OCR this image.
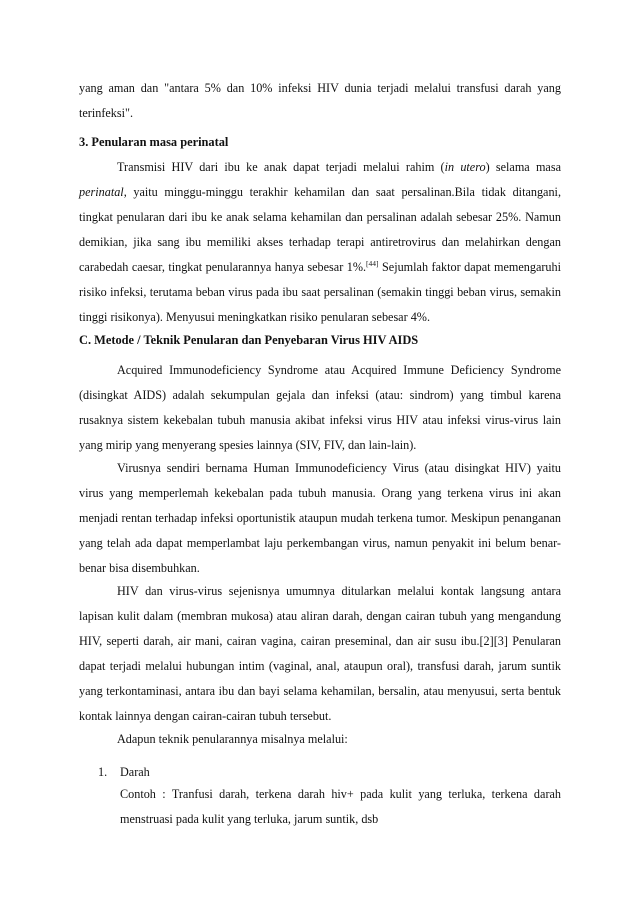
yang aman dan "antara 5% dan 10% infeksi HIV dunia terjadi melalui transfusi darah yang terinfeksi".

3. Penularan masa perinatal

Transmisi HIV dari ibu ke anak dapat terjadi melalui rahim (in utero) selama masa perinatal, yaitu minggu-minggu terakhir kehamilan dan saat persalinan.Bila tidak ditangani, tingkat penularan dari ibu ke anak selama kehamilan dan persalinan adalah sebesar 25%. Namun demikian, jika sang ibu memiliki akses terhadap terapi antiretrovirus dan melahirkan dengan carabedah caesar, tingkat penularannya hanya sebesar 1%.[44] Sejumlah faktor dapat memengaruhi risiko infeksi, terutama beban virus pada ibu saat persalinan (semakin tinggi beban virus, semakin tinggi risikonya). Menyusui meningkatkan risiko penularan sebesar 4%.

C. Metode / Teknik Penularan dan Penyebaran Virus HIV AIDS

Acquired Immunodeficiency Syndrome atau Acquired Immune Deficiency Syndrome (disingkat AIDS) adalah sekumpulan gejala dan infeksi (atau: sindrom) yang timbul karena rusaknya sistem kekebalan tubuh manusia akibat infeksi virus HIV atau infeksi virus-virus lain yang mirip yang menyerang spesies lainnya (SIV, FIV, dan lain-lain).

Virusnya sendiri bernama Human Immunodeficiency Virus (atau disingkat HIV) yaitu virus yang memperlemah kekebalan pada tubuh manusia. Orang yang terkena virus ini akan menjadi rentan terhadap infeksi oportunistik ataupun mudah terkena tumor. Meskipun penanganan yang telah ada dapat memperlambat laju perkembangan virus, namun penyakit ini belum benar-benar bisa disembuhkan.

HIV dan virus-virus sejenisnya umumnya ditularkan melalui kontak langsung antara lapisan kulit dalam (membran mukosa) atau aliran darah, dengan cairan tubuh yang mengandung HIV, seperti darah, air mani, cairan vagina, cairan preseminal, dan air susu ibu.[2][3] Penularan dapat terjadi melalui hubungan intim (vaginal, anal, ataupun oral), transfusi darah, jarum suntik yang terkontaminasi, antara ibu dan bayi selama kehamilan, bersalin, atau menyusui, serta bentuk kontak lainnya dengan cairan-cairan tubuh tersebut.

Adapun teknik penularannya misalnya melalui:

1. Darah

Contoh : Tranfusi darah, terkena darah hiv+ pada kulit yang terluka, terkena darah menstruasi pada kulit yang terluka, jarum suntik, dsb
